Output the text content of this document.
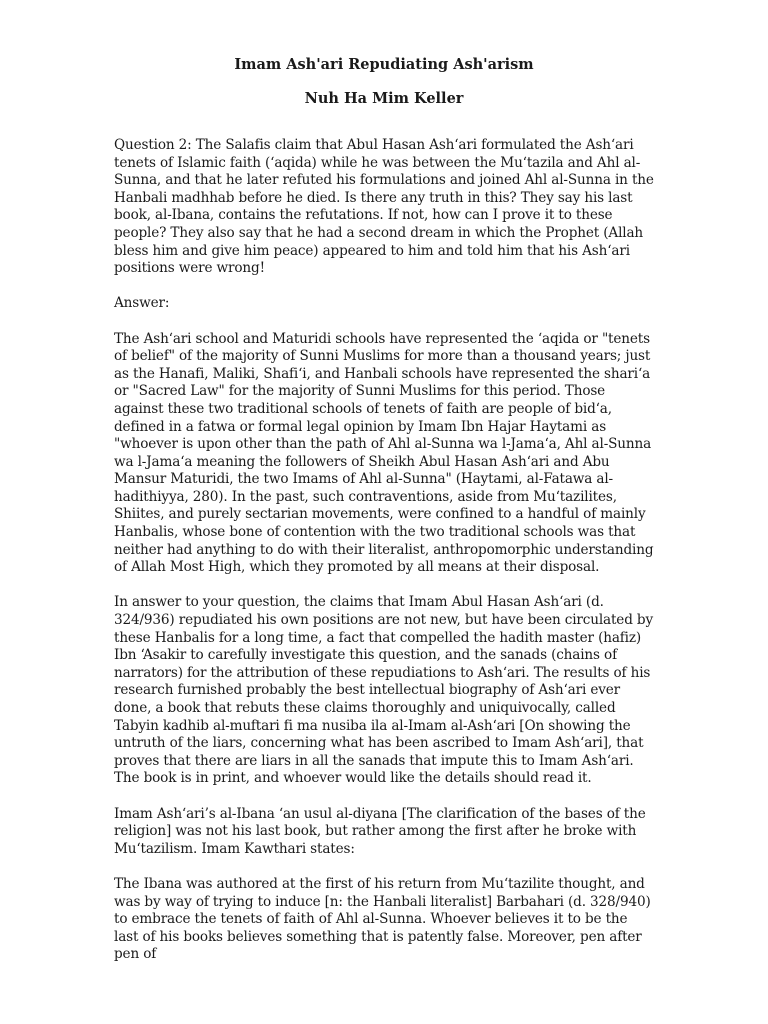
Imam Ash'ari Repudiating Ash'arism
Nuh Ha Mim Keller

Question 2: The Salafis claim that Abul Hasan Ash‘ari formulated the Ash‘ari tenets of Islamic faith (‘aqida) while he was between the Mu‘tazila and Ahl al-Sunna, and that he later refuted his formulations and joined Ahl al-Sunna in the Hanbali madhhab before he died. Is there any truth in this? They say his last book, al-Ibana, contains the refutations. If not, how can I prove it to these people? They also say that he had a second dream in which the Prophet (Allah bless him and give him peace) appeared to him and told him that his Ash‘ari positions were wrong!

Answer:

The Ash‘ari school and Maturidi schools have represented the ‘aqida or "tenets of belief" of the majority of Sunni Muslims for more than a thousand years; just as the Hanafi, Maliki, Shafi‘i, and Hanbali schools have represented the shari‘a or "Sacred Law" for the majority of Sunni Muslims for this period. Those against these two traditional schools of tenets of faith are people of bid‘a, defined in a fatwa or formal legal opinion by Imam Ibn Hajar Haytami as "whoever is upon other than the path of Ahl al-Sunna wa l-Jama‘a, Ahl al-Sunna wa l-Jama‘a meaning the followers of Sheikh Abul Hasan Ash‘ari and Abu Mansur Maturidi, the two Imams of Ahl al-Sunna" (Haytami, al-Fatawa al-hadithiyya, 280). In the past, such contraventions, aside from Mu‘tazilites, Shiites, and purely sectarian movements, were confined to a handful of mainly Hanbalis, whose bone of contention with the two traditional schools was that neither had anything to do with their literalist, anthropomorphic understanding of Allah Most High, which they promoted by all means at their disposal.

In answer to your question, the claims that Imam Abul Hasan Ash‘ari (d. 324/936) repudiated his own positions are not new, but have been circulated by these Hanbalis for a long time, a fact that compelled the hadith master (hafiz) Ibn ‘Asakir to carefully investigate this question, and the sanads (chains of narrators) for the attribution of these repudiations to Ash‘ari. The results of his research furnished probably the best intellectual biography of Ash‘ari ever done, a book that rebuts these claims thoroughly and uniquivocally, called Tabyin kadhib al-muftari fi ma nusiba ila al-Imam al-Ash‘ari [On showing the untruth of the liars, concerning what has been ascribed to Imam Ash‘ari], that proves that there are liars in all the sanads that impute this to Imam Ash‘ari. The book is in print, and whoever would like the details should read it.

Imam Ash‘ari’s al-Ibana ‘an usul al-diyana [The clarification of the bases of the religion] was not his last book, but rather among the first after he broke with Mu‘tazilism. Imam Kawthari states:

The Ibana was authored at the first of his return from Mu‘tazilite thought, and was by way of trying to induce [n: the Hanbali literalist] Barbahari (d. 328/940) to embrace the tenets of faith of Ahl al-Sunna. Whoever believes it to be the last of his books believes something that is patently false. Moreover, pen after pen of
